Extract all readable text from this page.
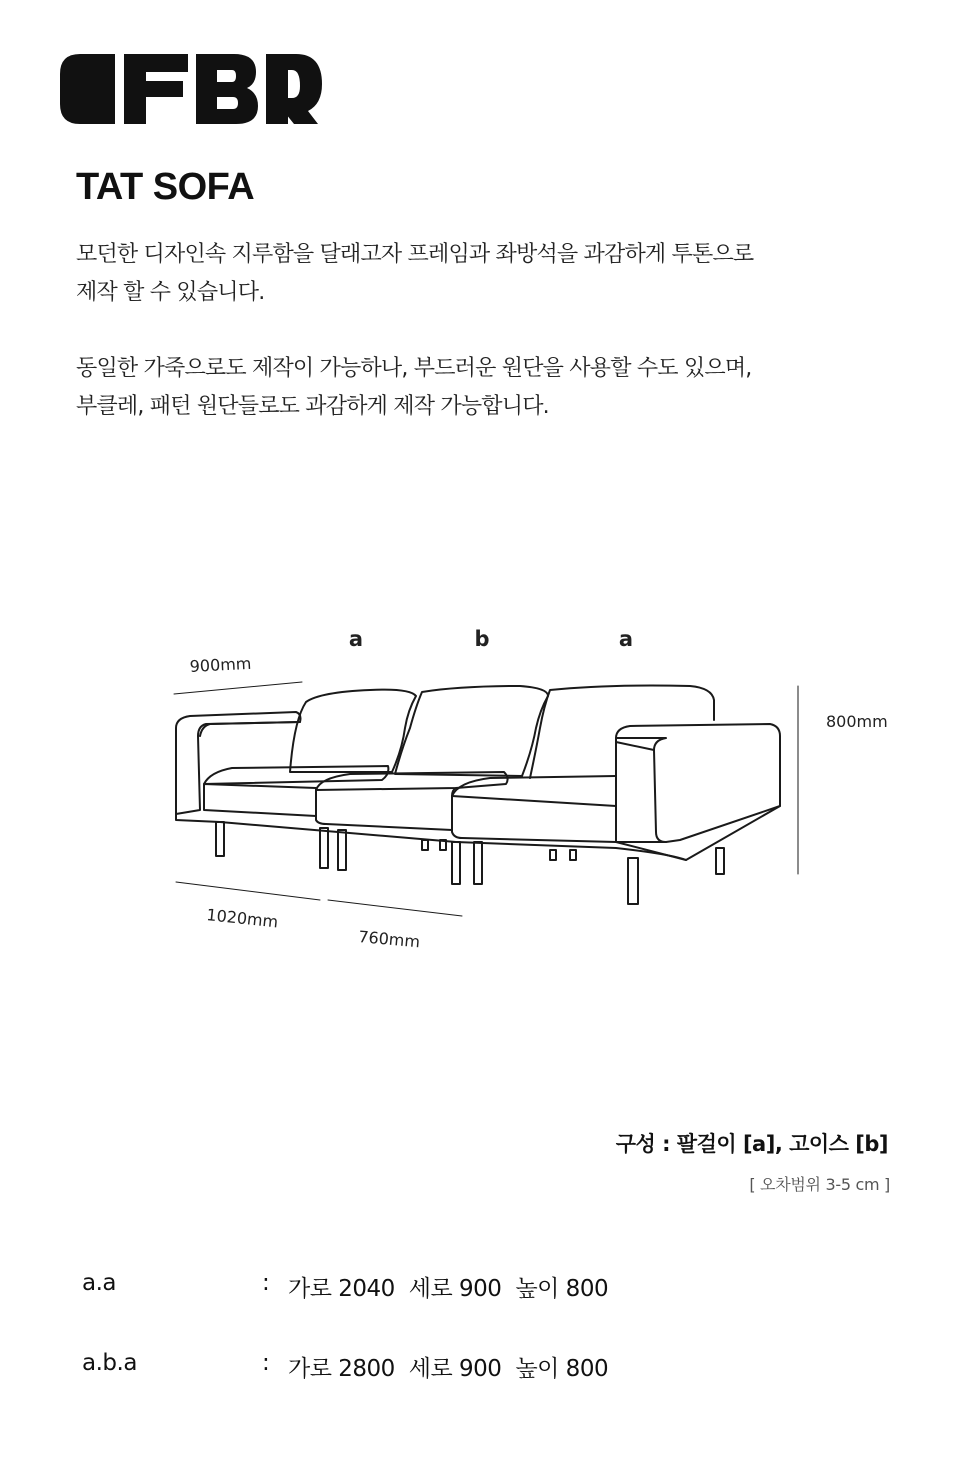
TAT SOFA

모던한 디자인속 지루함을 달래고자 프레임과 좌방석을 과감하게 투톤으로
제작 할 수 있습니다.

동일한 가죽으로도 제작이 가능하나, 부드러운 원단을 사용할 수도 있으며,
부클레, 패턴 원단들로도 과감하게 제작 가능합니다.

a	b	a
900mm
800mm
1020mm
760mm

구성 : 팔걸이 [a], 고이스 [b]

[ 오차범위 3-5 cm ]

a.a	: 가로 2040 세로 900 높이 800
a.b.a	: 가로 2800 세로 900 높이 800
